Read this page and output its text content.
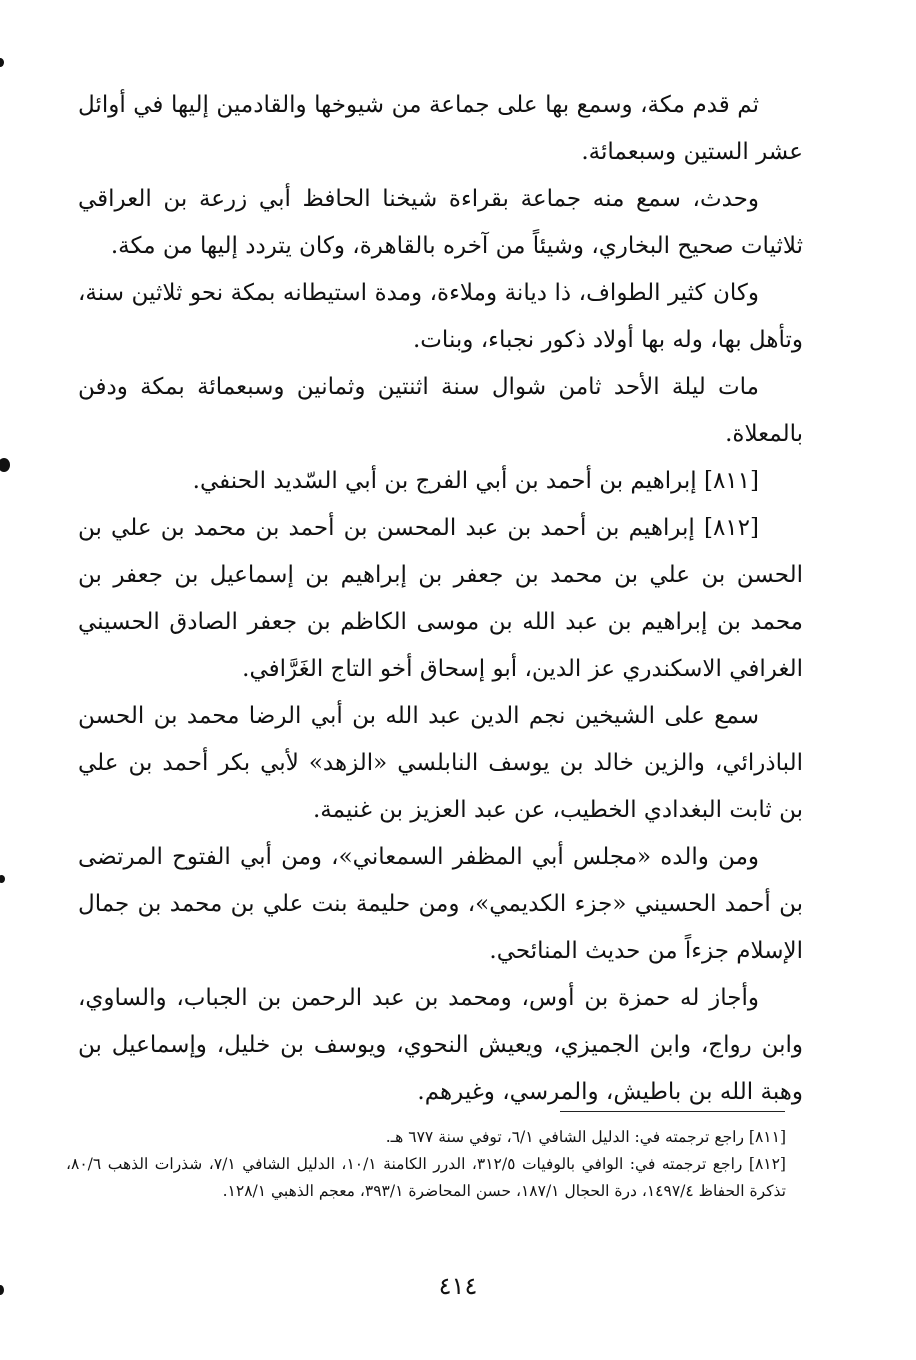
ثم قدم مكة، وسمع بها على جماعة من شيوخها والقادمين إليها في أوائل عشر الستين وسبعمائة.

وحدث، سمع منه جماعة بقراءة شيخنا الحافظ أبي زرعة بن العراقي ثلاثيات صحيح البخاري، وشيئاً من آخره بالقاهرة، وكان يتردد إليها من مكة.

وكان كثير الطواف، ذا ديانة وملاءة، ومدة استيطانه بمكة نحو ثلاثين سنة، وتأهل بها، وله بها أولاد ذكور نجباء، وبنات.

مات ليلة الأحد ثامن شوال سنة اثنتين وثمانين وسبعمائة بمكة ودفن بالمعلاة.

[٨١١] إبراهيم بن أحمد بن أبي الفرج بن أبي السّديد الحنفي.

[٨١٢] إبراهيم بن أحمد بن عبد المحسن بن أحمد بن محمد بن علي بن الحسن بن علي بن محمد بن جعفر بن إبراهيم بن إسماعيل بن جعفر بن محمد بن إبراهيم بن عبد الله بن موسى الكاظم بن جعفر الصادق الحسيني الغرافي الاسكندري عز الدين، أبو إسحاق أخو التاج الغَرَّافي.

سمع على الشيخين نجم الدين عبد الله بن أبي الرضا محمد بن الحسن الباذرائي، والزين خالد بن يوسف النابلسي «الزهد» لأبي بكر أحمد بن علي بن ثابت البغدادي الخطيب، عن عبد العزيز بن غنيمة.

ومن والده «مجلس أبي المظفر السمعاني»، ومن أبي الفتوح المرتضى بن أحمد الحسيني «جزء الكديمي»، ومن حليمة بنت علي بن محمد بن جمال الإسلام جزءاً من حديث المنائحي.

وأجاز له حمزة بن أوس، ومحمد بن عبد الرحمن بن الجباب، والساوي، وابن رواج، وابن الجميزي، ويعيش النحوي، ويوسف بن خليل، وإسماعيل بن وهبة الله بن باطيش، والمرسي، وغيرهم.

[٨١١] راجع ترجمته في: الدليل الشافي ٦/١، توفي سنة ٦٧٧ هـ.

[٨١٢] راجع ترجمته في: الوافي بالوفيات ٣١٢/٥، الدرر الكامنة ١٠/١، الدليل الشافي ٧/١، شذرات الذهب ٨٠/٦، تذكرة الحفاظ ١٤٩٧/٤، درة الحجال ١٨٧/١، حسن المحاضرة ٣٩٣/١، معجم الذهبي ١٢٨/١.

٤١٤
